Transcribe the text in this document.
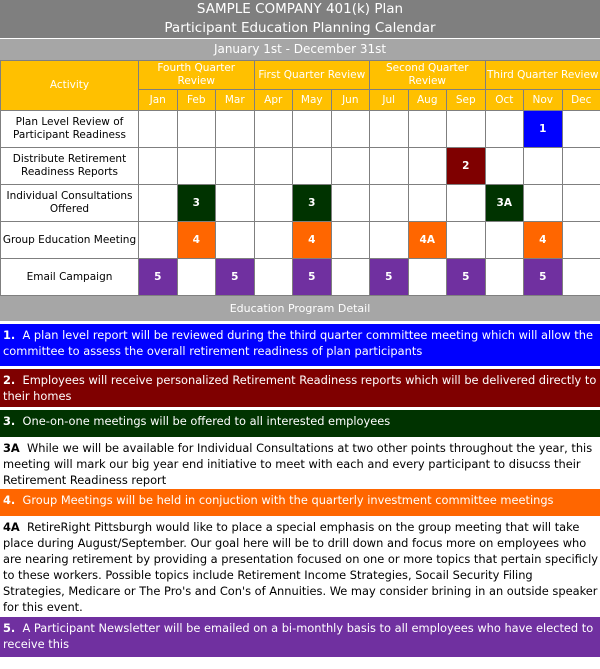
SAMPLE COMPANY 401(k) Plan
Participant Education Planning Calendar
January 1st - December 31st
Activity	Fourth Quarter Review			First Quarter Review			Second Quarter Review			Third Quarter Review		
	Jan	Feb	Mar	Apr	May	Jun	Jul	Aug	Sep	Oct	Nov	Dec
Plan Level Review of Participant Readiness											1	
Distribute Retirement Readiness Reports									2			
Individual Consultations Offered		3			3					3A		
Group Education Meeting		4			4			4A			4	
Email Campaign	5		5		5		5		5		5	
Education Program Detail
1. A plan level report will be reviewed during the third quarter committee meeting which will allow the committee to assess the overall retirement readiness of plan participants
2. Employees will receive personalized Retirement Readiness reports which will be delivered directly to their homes
3. One-on-one meetings will be offered to all interested employees
3A While we will be available for Individual Consultations at two other points throughout the year, this meeting will mark our big year end initiative to meet with each and every participant to disucss their Retirement Readiness report
4. Group Meetings will be held in conjuction with the quarterly investment committee meetings
4A RetireRight Pittsburgh would like to place a special emphasis on the group meeting that will take place during August/September. Our goal here will be to drill down and focus more on employees who are nearing retirement by providing a presentation focused on one or more topics that pertain specificly to these workers. Possible topics include Retirement Income Strategies, Socail Security Filing Strategies, Medicare or The Pro's and Con's of Annuities. We may consider brining in an outside speaker for this event.
5. A Participant Newsletter will be emailed on a bi-monthly basis to all employees who have elected to receive this
